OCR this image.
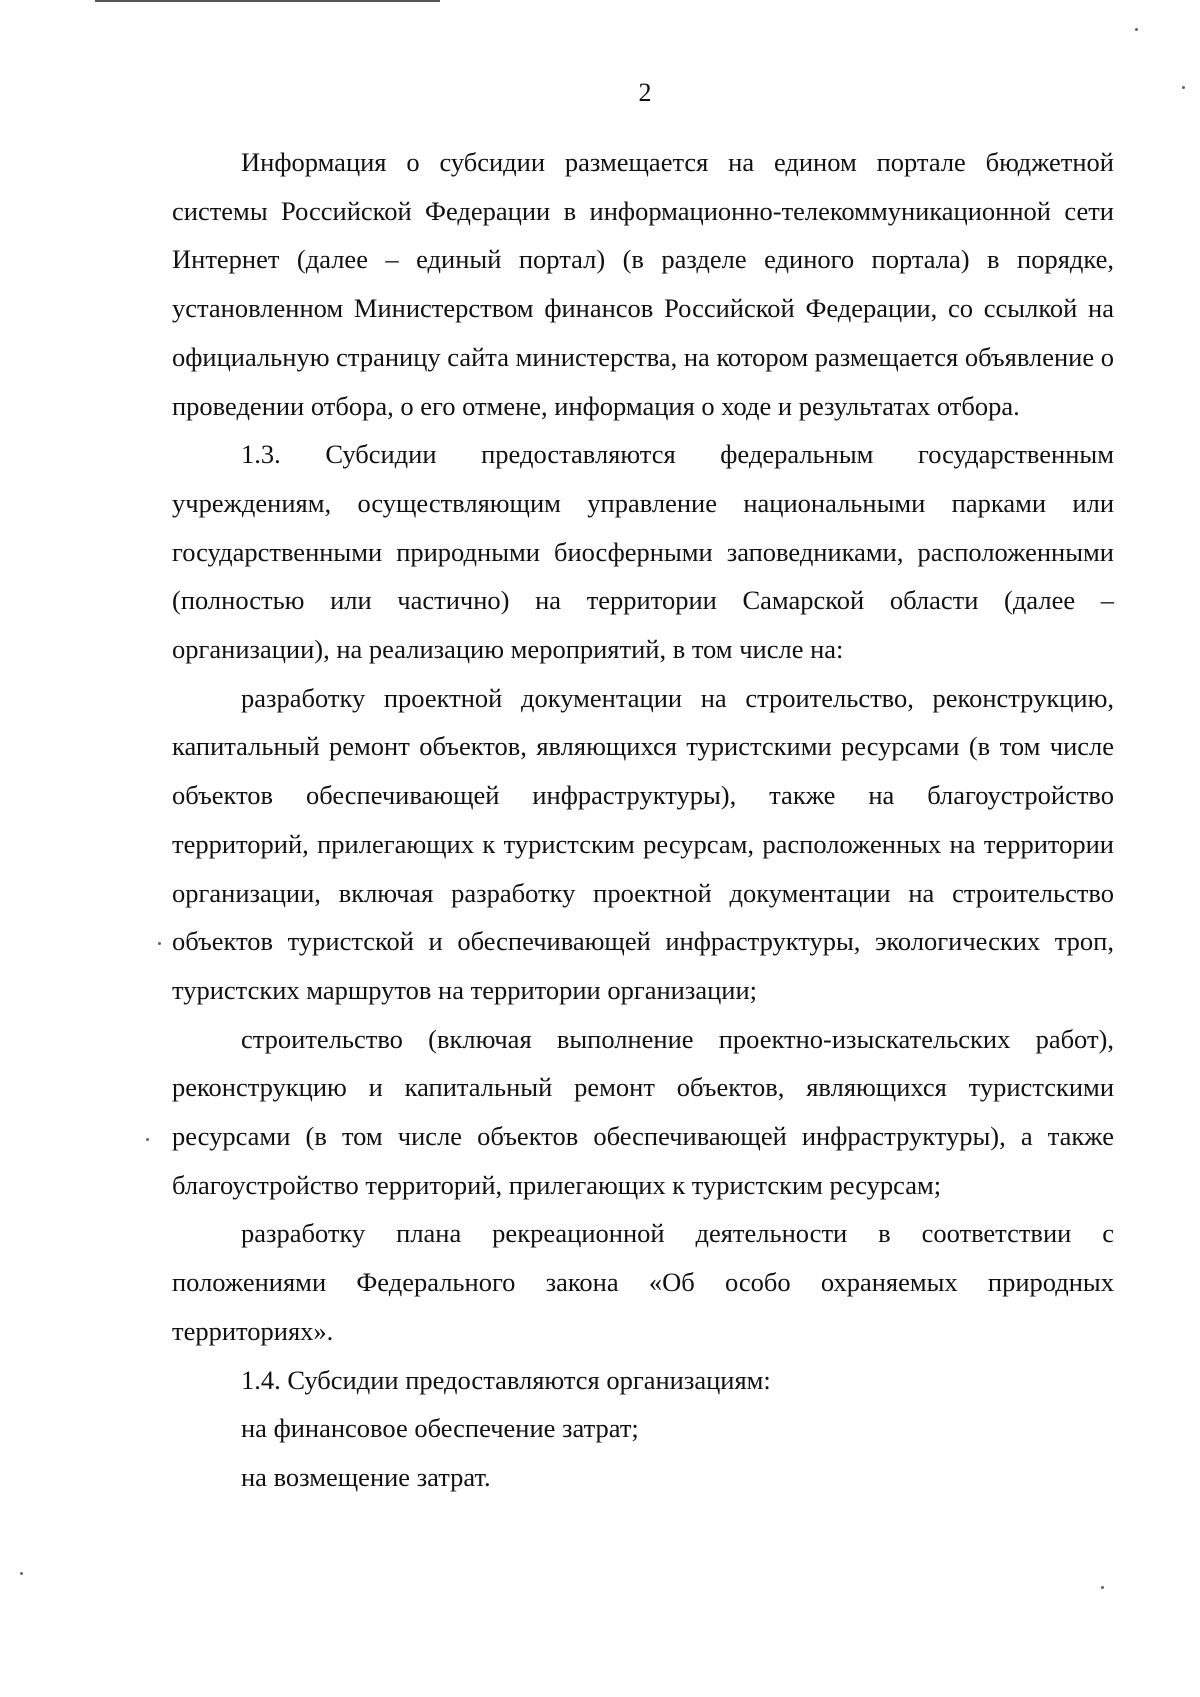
2

Информация о субсидии размещается на едином портале бюджетной системы Российской Федерации в информационно-телекоммуникационной сети Интернет (далее – единый портал) (в разделе единого портала) в порядке, установленном Министерством финансов Российской Федерации, со ссылкой на официальную страницу сайта министерства, на котором размещается объявление о проведении отбора, о его отмене, информация о ходе и результатах отбора.

1.3. Субсидии предоставляются федеральным государственным учреждениям, осуществляющим управление национальными парками или государственными природными биосферными заповедниками, расположенными (полностью или частично) на территории Самарской области (далее – организации), на реализацию мероприятий, в том числе на:

разработку проектной документации на строительство, реконструкцию, капитальный ремонт объектов, являющихся туристскими ресурсами (в том числе объектов обеспечивающей инфраструктуры), также на благоустройство территорий, прилегающих к туристским ресурсам, расположенных на территории организации, включая разработку проектной документации на строительство объектов туристской и обеспечивающей инфраструктуры, экологических троп, туристских маршрутов на территории организации;

строительство (включая выполнение проектно-изыскательских работ), реконструкцию и капитальный ремонт объектов, являющихся туристскими ресурсами (в том числе объектов обеспечивающей инфраструктуры), а также благоустройство территорий, прилегающих к туристским ресурсам;

разработку плана рекреационной деятельности в соответствии с положениями Федерального закона «Об особо охраняемых природных территориях».

1.4. Субсидии предоставляются организациям:

на финансовое обеспечение затрат;

на возмещение затрат.
